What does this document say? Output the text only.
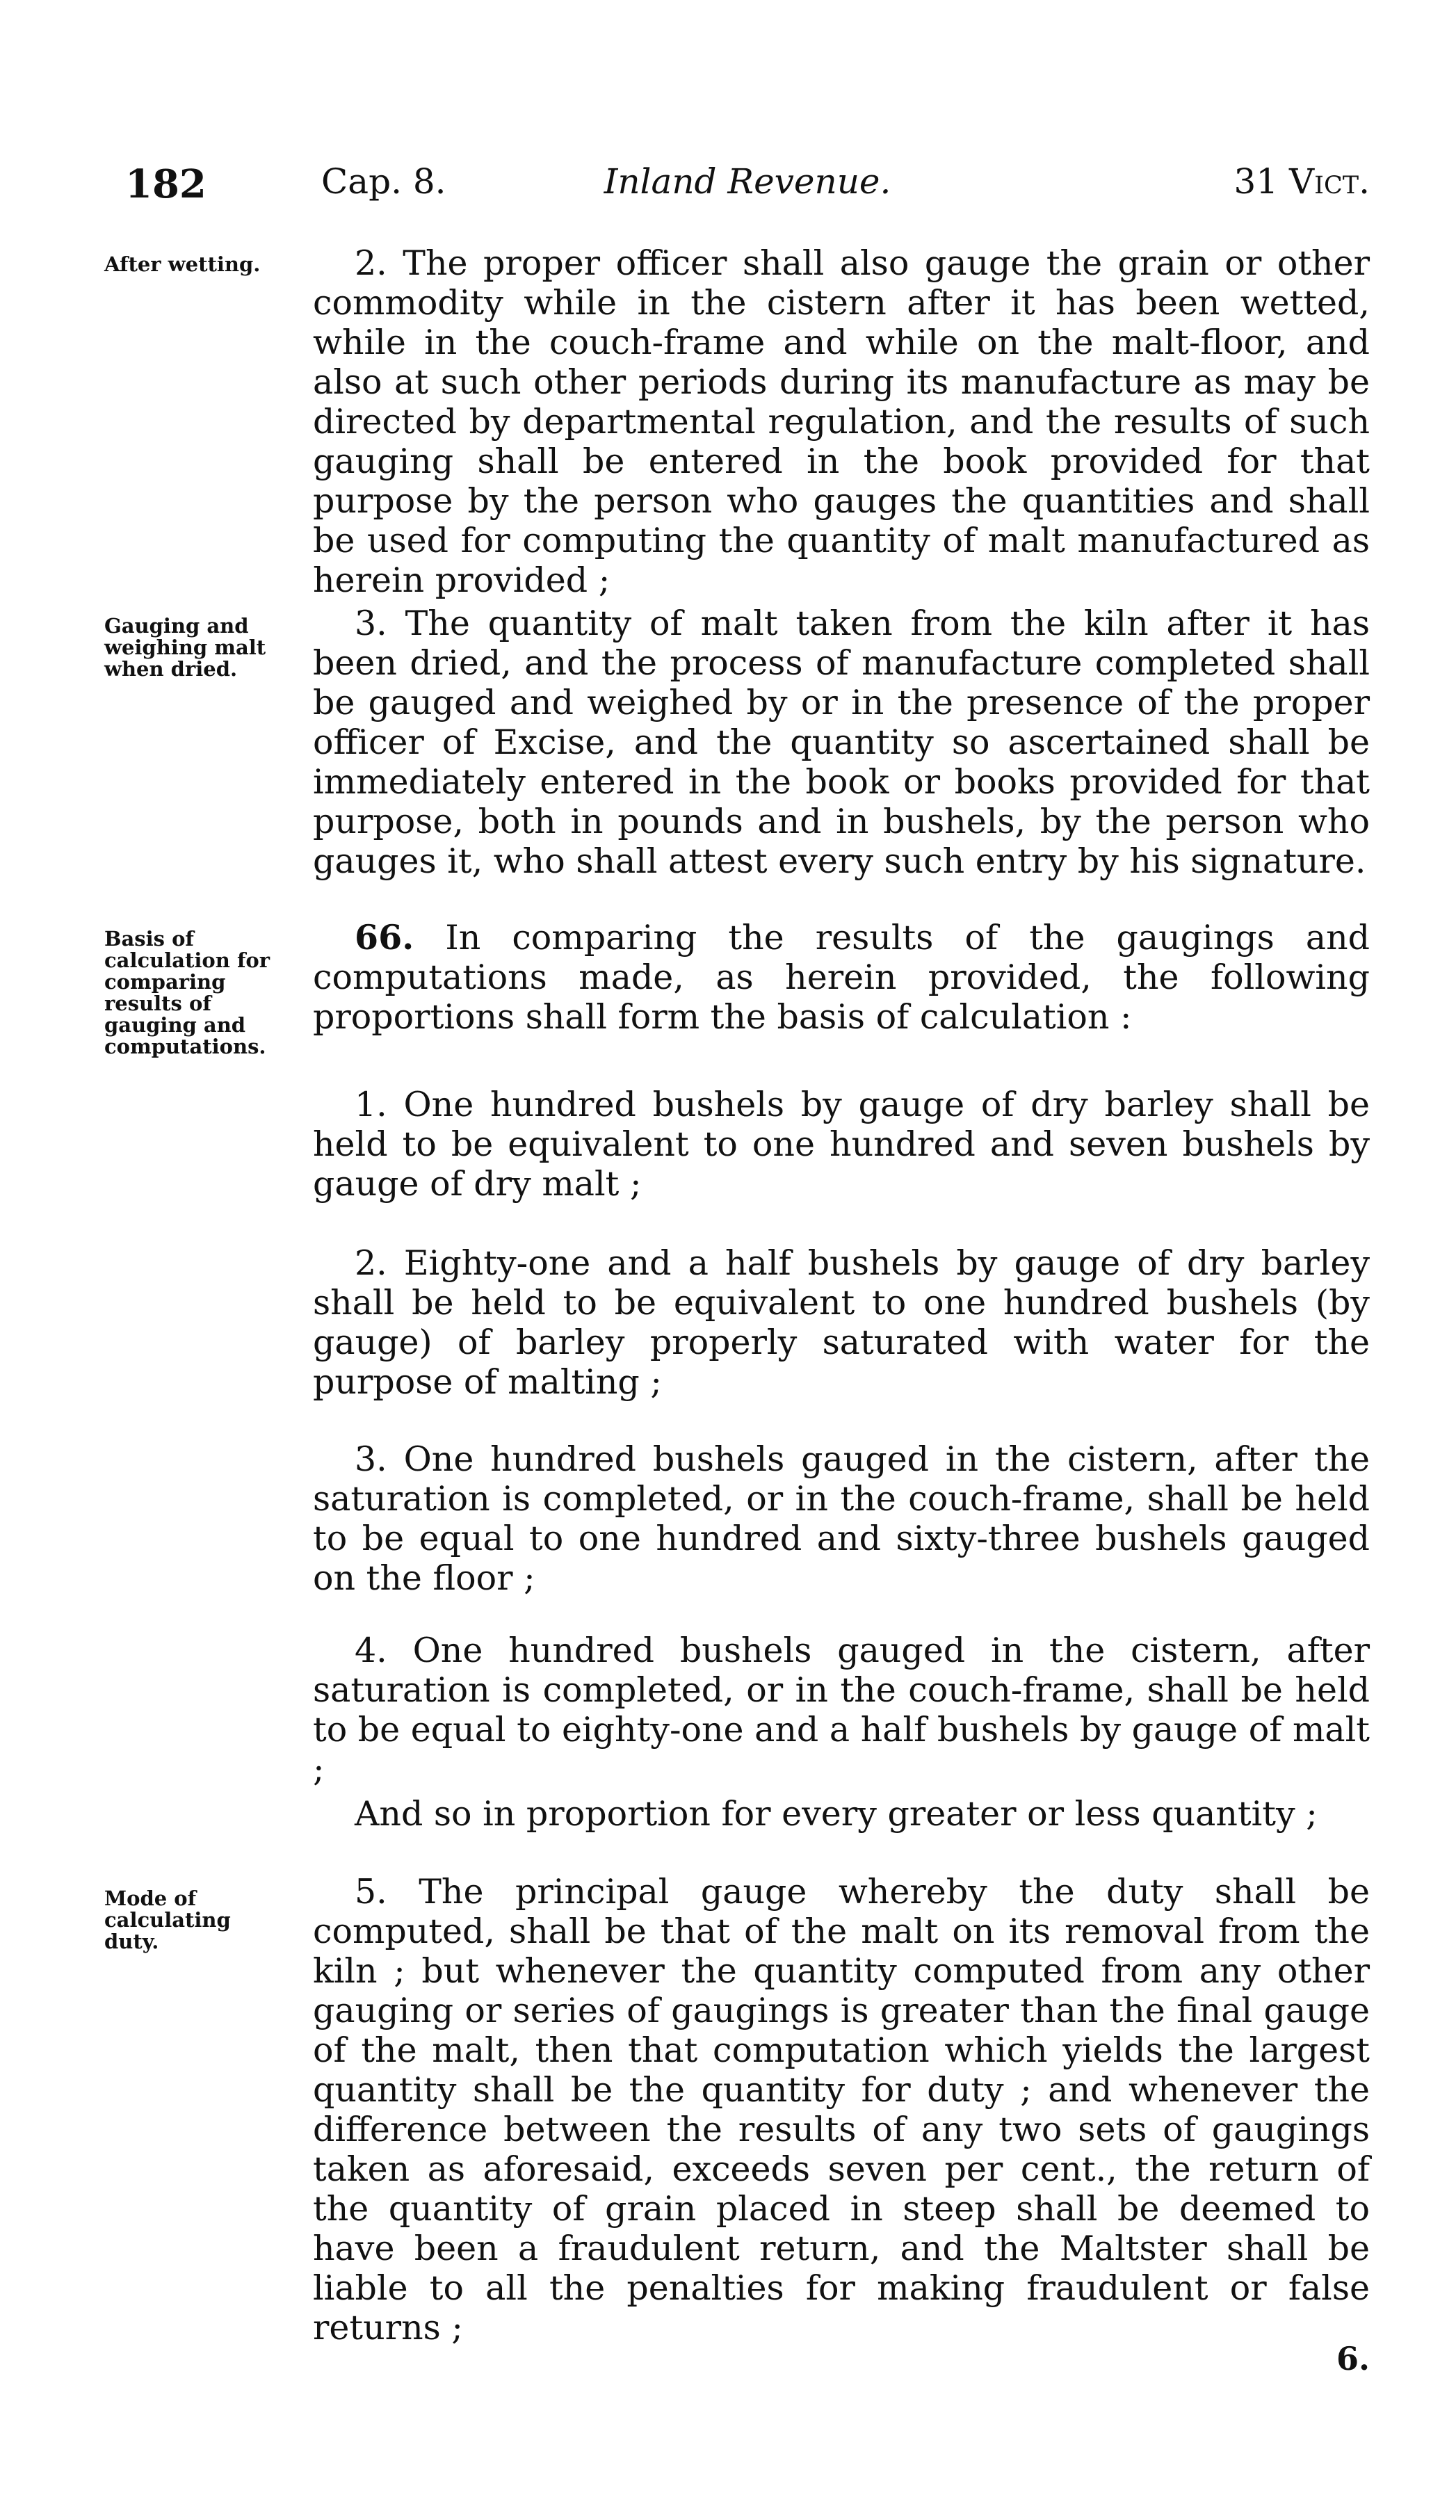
Inland Revenue.
182	Cap. 8.	31 Vict.
After wetting.	2. The proper officer shall also gauge the grain or other commodity while in the cistern after it has been wetted, while in the couch-frame and while on the malt-floor, and also at such other periods during its manufacture as may be directed by departmental regulation, and the results of such gauging shall be entered in the book provided for that purpose by the person who gauges the quantities and shall be used for computing the quantity of malt manufactured as herein provided ;

Gauging and weighing malt when dried.

3. The quantity of malt taken from the kiln after it has been dried, and the process of manufacture completed shall be gauged and weighed by or in the presence of the proper officer of Excise, and the quantity so ascertained shall be immediately entered in the book or books provided for that purpose, both in pounds and in bushels, by the person who gauges it, who shall attest every such entry by his signature.

Basis of calculation for comparing results of gauging and computations.

66. In comparing the results of the gaugings and computations made, as herein provided, the following proportions shall form the basis of calculation :

1. One hundred bushels by gauge of dry barley shall be held to be equivalent to one hundred and seven bushels by gauge of dry malt ;

2. Eighty-one and a half bushels by gauge of dry barley shall be held to be equivalent to one hundred bushels (by gauge) of barley properly saturated with water for the purpose of malting ;

3. One hundred bushels gauged in the cistern, after the saturation is completed, or in the couch-frame, shall be held to be equal to one hundred and sixty-three bushels gauged on the floor ;

4. One hundred bushels gauged in the cistern, after saturation is completed, or in the couch-frame, shall be held to be equal to eighty-one and a half bushels by gauge of malt ;

And so in proportion for every greater or less quantity ;

Mode of calculating duty.

5. The principal gauge whereby the duty shall be computed, shall be that of the malt on its removal from the kiln ; but whenever the quantity computed from any other gauging or series of gaugings is greater than the final gauge of the malt, then that computation which yields the largest quantity shall be the quantity for duty ; and whenever the difference between the results of any two sets of gaugings taken as aforesaid, exceeds seven per cent., the return of the quantity of grain placed in steep shall be deemed to have been a fraudulent return, and the Maltster shall be liable to all the penalties for making fraudulent or false returns ;

6.
